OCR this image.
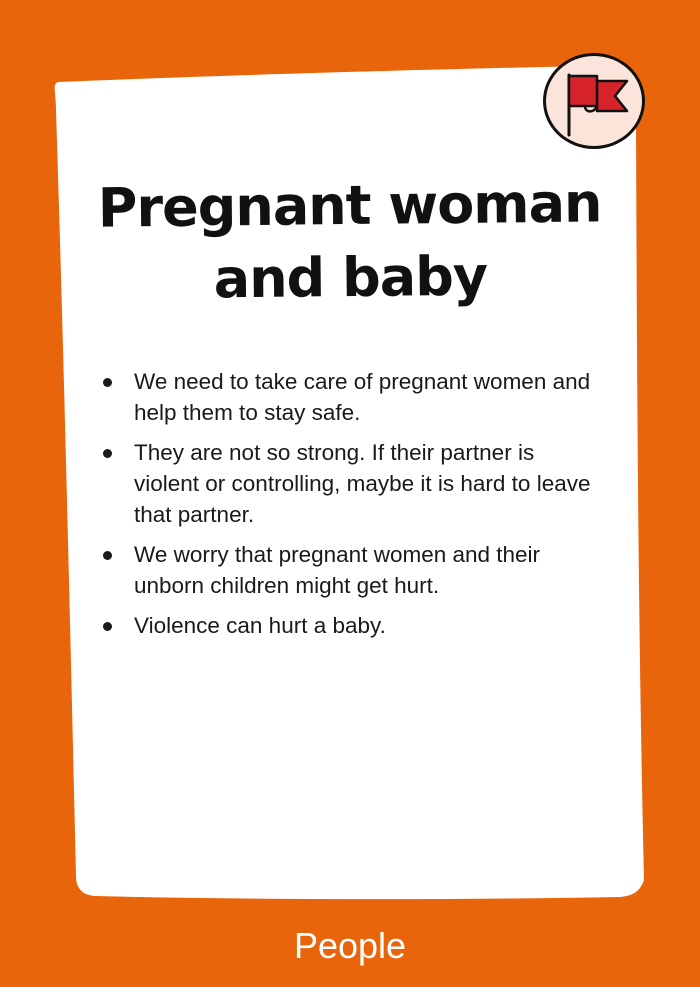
Pregnant woman and baby
We need to take care of pregnant women and help them to stay safe.
They are not so strong. If their partner is violent or controlling, maybe it is hard to leave that partner.
We worry that pregnant women and their unborn children might get hurt.
Violence can hurt a baby.
People
